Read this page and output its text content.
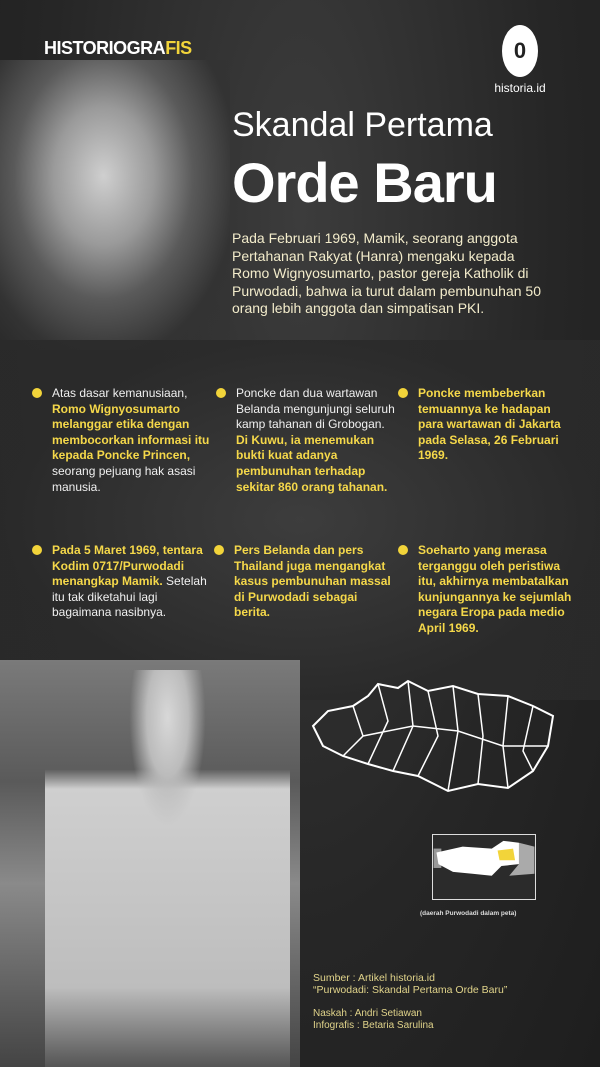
HISTORIOGRAFIS	0
historia.id
Skandal Pertama
Orde Baru
Pada Februari 1969, Mamik, seorang anggota Pertahanan Rakyat (Hanra) mengaku kepada Romo Wignyosumarto, pastor gereja Katholik di Purwodadi, bahwa ia turut dalam pembunuhan 50 orang lebih anggota dan simpatisan PKI.
Atas dasar kemanusiaan, Romo Wignyosumarto melanggar etika dengan membocorkan informasi itu kepada Poncke Princen, seorang pejuang hak asasi manusia.
Poncke dan dua wartawan Belanda mengunjungi seluruh kamp tahanan di Grobogan. Di Kuwu, ia menemukan bukti kuat adanya pembunuhan terhadap sekitar 860 orang tahanan.
Poncke membeberkan temuannya ke hadapan para wartawan di Jakarta pada Selasa, 26 Februari 1969.
Pada 5 Maret 1969, tentara Kodim 0717/Purwodadi menangkap Mamik. Setelah itu tak diketahui lagi bagaimana nasibnya.
Pers Belanda dan pers Thailand juga mengangkat kasus pembunuhan massal di Purwodadi sebagai berita.
Soeharto yang merasa terganggu oleh peristiwa itu, akhirnya membatalkan kunjungannya ke sejumlah negara Eropa pada medio April 1969.
(daerah Purwodadi dalam peta)
Sumber : Artikel historia.id
“Purwodadi: Skandal Pertama Orde Baru”
Naskah : Andri Setiawan
Infografis : Betaria Sarulina
